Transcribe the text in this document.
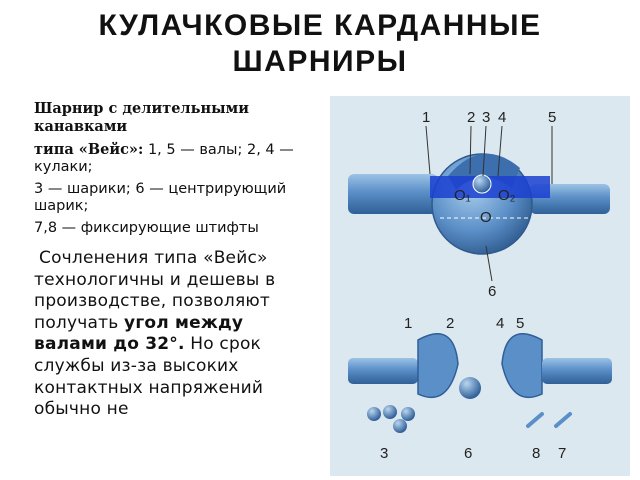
КУЛАЧКОВЫЕ КАРДАННЫЕ
ШАРНИРЫ

Шарнир с делительными канавками

типа «Вейс»: 1, 5 — валы; 2, 4 — кулаки;

3 — шарики; 6 — центрирующий шарик;

7,8 — фиксирующие штифты

Сочленения типа «Вейс» технологичны и дешевы в производстве, позволяют получать угол между валами до 32°. Но срок службы из-за высоких контактных напряжений обычно не
O₁ O₂
O
1 2 3 4	5
6
1 2	4 5
3	6	8 7
